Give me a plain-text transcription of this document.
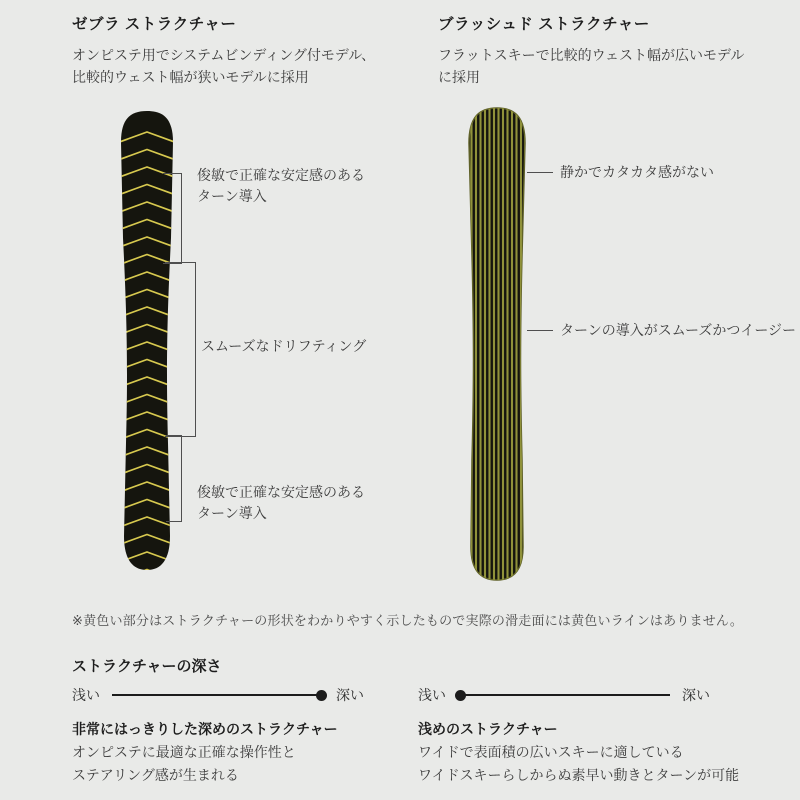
ゼブラ ストラクチャー
オンピステ用でシステムビンディング付モデル、
比較的ウェスト幅が狭いモデルに採用
ブラッシュド ストラクチャー
フラットスキーで比較的ウェスト幅が広いモデル
に採用
俊敏で正確な安定感のある
ターン導入
スムーズなドリフティング
俊敏で正確な安定感のある
ターン導入
静かでカタカタ感がない
ターンの導入がスムーズかつイージー
※黄色い部分はストラクチャーの形状をわかりやすく示したもので実際の滑走面には黄色いラインはありません。
ストラクチャーの深さ
浅い	深い	浅い	深い
非常にはっきりした深めのストラクチャー
オンピステに最適な正確な操作性と
ステアリング感が生まれる
浅めのストラクチャー
ワイドで表面積の広いスキーに適している
ワイドスキーらしからぬ素早い動きとターンが可能
